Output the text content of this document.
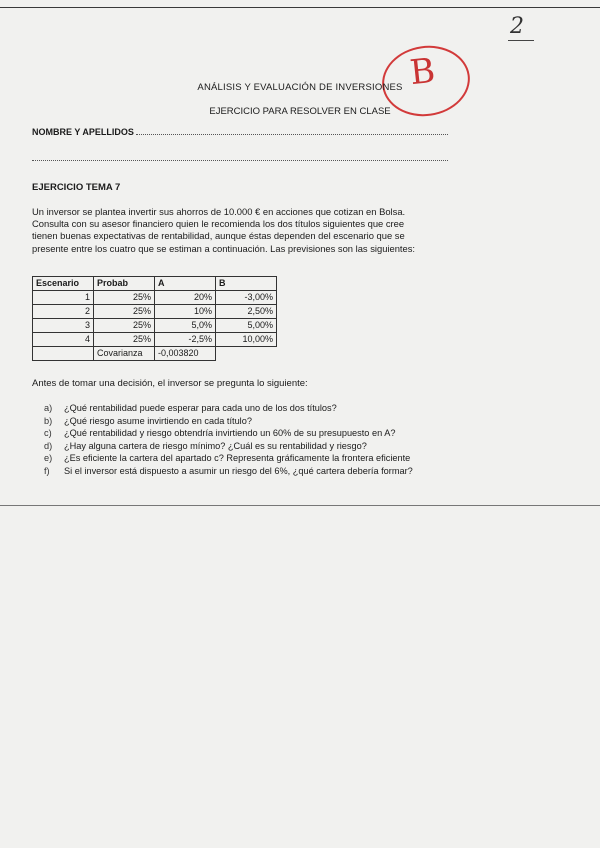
2
B
ANÁLISIS Y EVALUACIÓN DE INVERSIONES
EJERCICIO PARA RESOLVER EN CLASE
NOMBRE Y APELLIDOS
EJERCICIO TEMA 7
Un inversor se plantea invertir sus ahorros de 10.000 € en acciones que cotizan en Bolsa.
Consulta con su asesor financiero quien le recomienda los dos títulos siguientes que cree
tienen buenas expectativas de rentabilidad, aunque éstas dependen del escenario que se
presente entre los cuatro que se estiman a continuación. Las previsiones son las siguientes:
Escenario	Probab	A	B
1	25%	20%	-3,00%
2	25%	10%	2,50%
3	25%	5,0%	5,00%
4	25%	-2,5%	10,00%
	Covarianza	-0,003820	
Antes de tomar una decisión, el inversor se pregunta lo siguiente:
a) ¿Qué rentabilidad puede esperar para cada uno de los dos títulos?
b) ¿Qué riesgo asume invirtiendo en cada título?
c) ¿Qué rentabilidad y riesgo obtendría invirtiendo un 60% de su presupuesto en A?
d) ¿Hay alguna cartera de riesgo mínimo? ¿Cuál es su rentabilidad y riesgo?
e) ¿Es eficiente la cartera del apartado c? Representa gráficamente la frontera eficiente
f) Si el inversor está dispuesto a asumir un riesgo del 6%, ¿qué cartera debería formar?
